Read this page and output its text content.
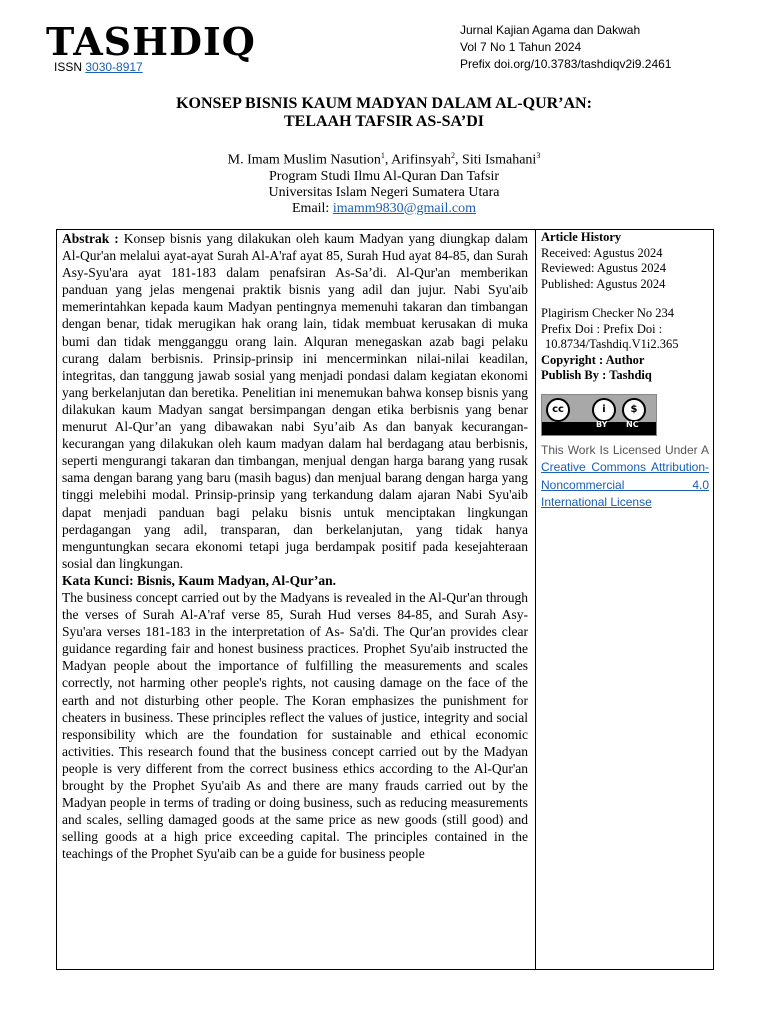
TASHDIQ
ISSN 3030-8917
Jurnal Kajian Agama dan Dakwah
Vol 7 No 1 Tahun 2024
Prefix doi.org/10.3783/tashdiqv2i9.2461
KONSEP BISNIS KAUM MADYAN DALAM AL-QUR’AN:
TELAAH TAFSIR AS-SA’DI
M. Imam Muslim Nasution$^1$, Arifinsyah$^2$, Siti Ismahani$^3$
Program Studi Ilmu Al-Quran Dan Tafsir
Universitas Islam Negeri Sumatera Utara
Email: imamm9830@gmail.com

Abstrak : Konsep bisnis yang dilakukan oleh kaum Madyan yang diungkap dalam Al-Qur'an melalui ayat-ayat Surah Al-A'raf ayat 85, Surah Hud ayat 84-85, dan Surah Asy-Syu'ara ayat 181-183 dalam penafsiran As-Sa’di. Al-Qur'an memberikan panduan yang jelas mengenai praktik bisnis yang adil dan jujur. Nabi Syu'aib memerintahkan kepada kaum Madyan pentingnya memenuhi takaran dan timbangan dengan benar, tidak merugikan hak orang lain, tidak membuat kerusakan di muka bumi dan tidak mengganggu orang lain. Alquran menegaskan azab bagi pelaku curang dalam berbisnis. Prinsip-prinsip ini mencerminkan nilai-nilai keadilan, integritas, dan tanggung jawab sosial yang menjadi pondasi dalam kegiatan ekonomi yang berkelanjutan dan beretika. Penelitian ini menemukan bahwa konsep bisnis yang dilakukan kaum Madyan sangat bersimpangan dengan etika berbisnis yang benar menurut Al-Qur’an yang dibawakan nabi Syu’aib As dan banyak kecurangan-kecurangan yang dilakukan oleh kaum madyan dalam hal berdagang atau berbisnis, seperti mengurangi takaran dan timbangan, menjual dengan harga barang yang rusak sama dengan barang yang baru (masih bagus) dan menjual barang dengan harga yang tinggi melebihi modal. Prinsip-prinsip yang terkandung dalam ajaran Nabi Syu'aib dapat menjadi panduan bagi pelaku bisnis untuk menciptakan lingkungan perdagangan yang adil, transparan, dan berkelanjutan, yang tidak hanya menguntungkan secara ekonomi tetapi juga berdampak positif pada kesejahteraan sosial dan lingkungan.

Kata Kunci: Bisnis, Kaum Madyan, Al-Qur’an.

The business concept carried out by the Madyans is revealed in the Al-Qur'an through the verses of Surah Al-A'raf verse 85, Surah Hud verses 84-85, and Surah Asy-Syu'ara verses 181-183 in the interpretation of As- Sa'di. The Qur'an provides clear guidance regarding fair and honest business practices. Prophet Syu'aib instructed the Madyan people about the importance of fulfilling the measurements and scales correctly, not harming other people's rights, not causing damage on the face of the earth and not disturbing other people. The Koran emphasizes the punishment for cheaters in business. These principles reflect the values of justice, integrity and social responsibility which are the foundation for sustainable and ethical economic activities. This research found that the business concept carried out by the Madyan people is very different from the correct business ethics according to the Al-Qur'an brought by the Prophet Syu'aib As and there are many frauds carried out by the Madyan people in terms of trading or doing business, such as reducing measurements and scales, selling damaged goods at the same price as new goods (still good) and selling goods at a high price exceeding capital. The principles contained in the teachings of the Prophet Syu'aib can be a guide for business people

Article History
Received: Agustus 2024
Reviewed: Agustus 2024
Published: Agustus 2024
Plagirism Checker No 234
Prefix Doi : Prefix Doi :
10.8734/Tashdiq.V1i2.365
Copyright : Author
Publish By : Tashdiq
cc	i	$
BY NC
This Work Is Licensed Under A Creative Commons Attribution-Noncommercial 4.0 International License
